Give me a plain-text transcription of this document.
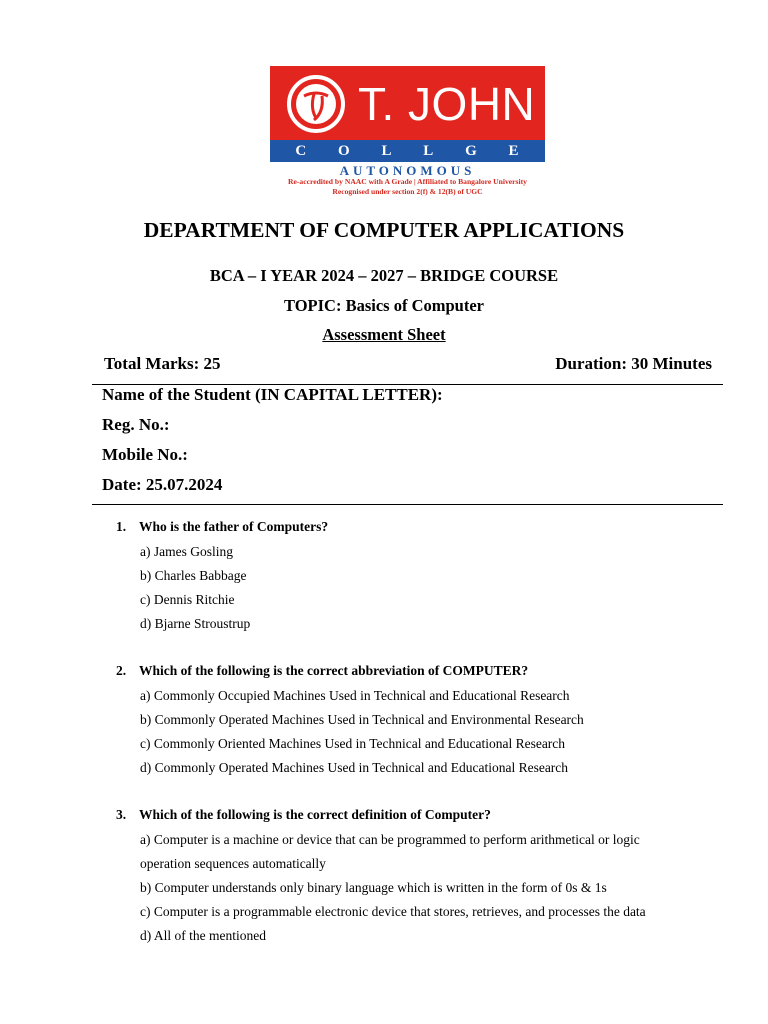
T. JOHN
C O L L G E
AUTONOMOUS
Re-accredited by NAAC with A Grade | Affiliated to Bangalore University
Recognised under section 2(f) & 12(B) of UGC
DEPARTMENT OF COMPUTER APPLICATIONS
BCA – I YEAR 2024 – 2027 – BRIDGE COURSE
TOPIC: Basics of Computer
Assessment Sheet
Total Marks: 25	Duration: 30 Minutes
Name of the Student (IN CAPITAL LETTER):
Reg. No.:
Mobile No.:
Date: 25.07.2024
1. Who is the father of Computers?
a) James Gosling
b) Charles Babbage
c) Dennis Ritchie
d) Bjarne Stroustrup
2. Which of the following is the correct abbreviation of COMPUTER?
a) Commonly Occupied Machines Used in Technical and Educational Research
b) Commonly Operated Machines Used in Technical and Environmental Research
c) Commonly Oriented Machines Used in Technical and Educational Research
d) Commonly Operated Machines Used in Technical and Educational Research
3. Which of the following is the correct definition of Computer?
a) Computer is a machine or device that can be programmed to perform arithmetical or logic
operation sequences automatically
b) Computer understands only binary language which is written in the form of 0s & 1s
c) Computer is a programmable electronic device that stores, retrieves, and processes the data
d) All of the mentioned
